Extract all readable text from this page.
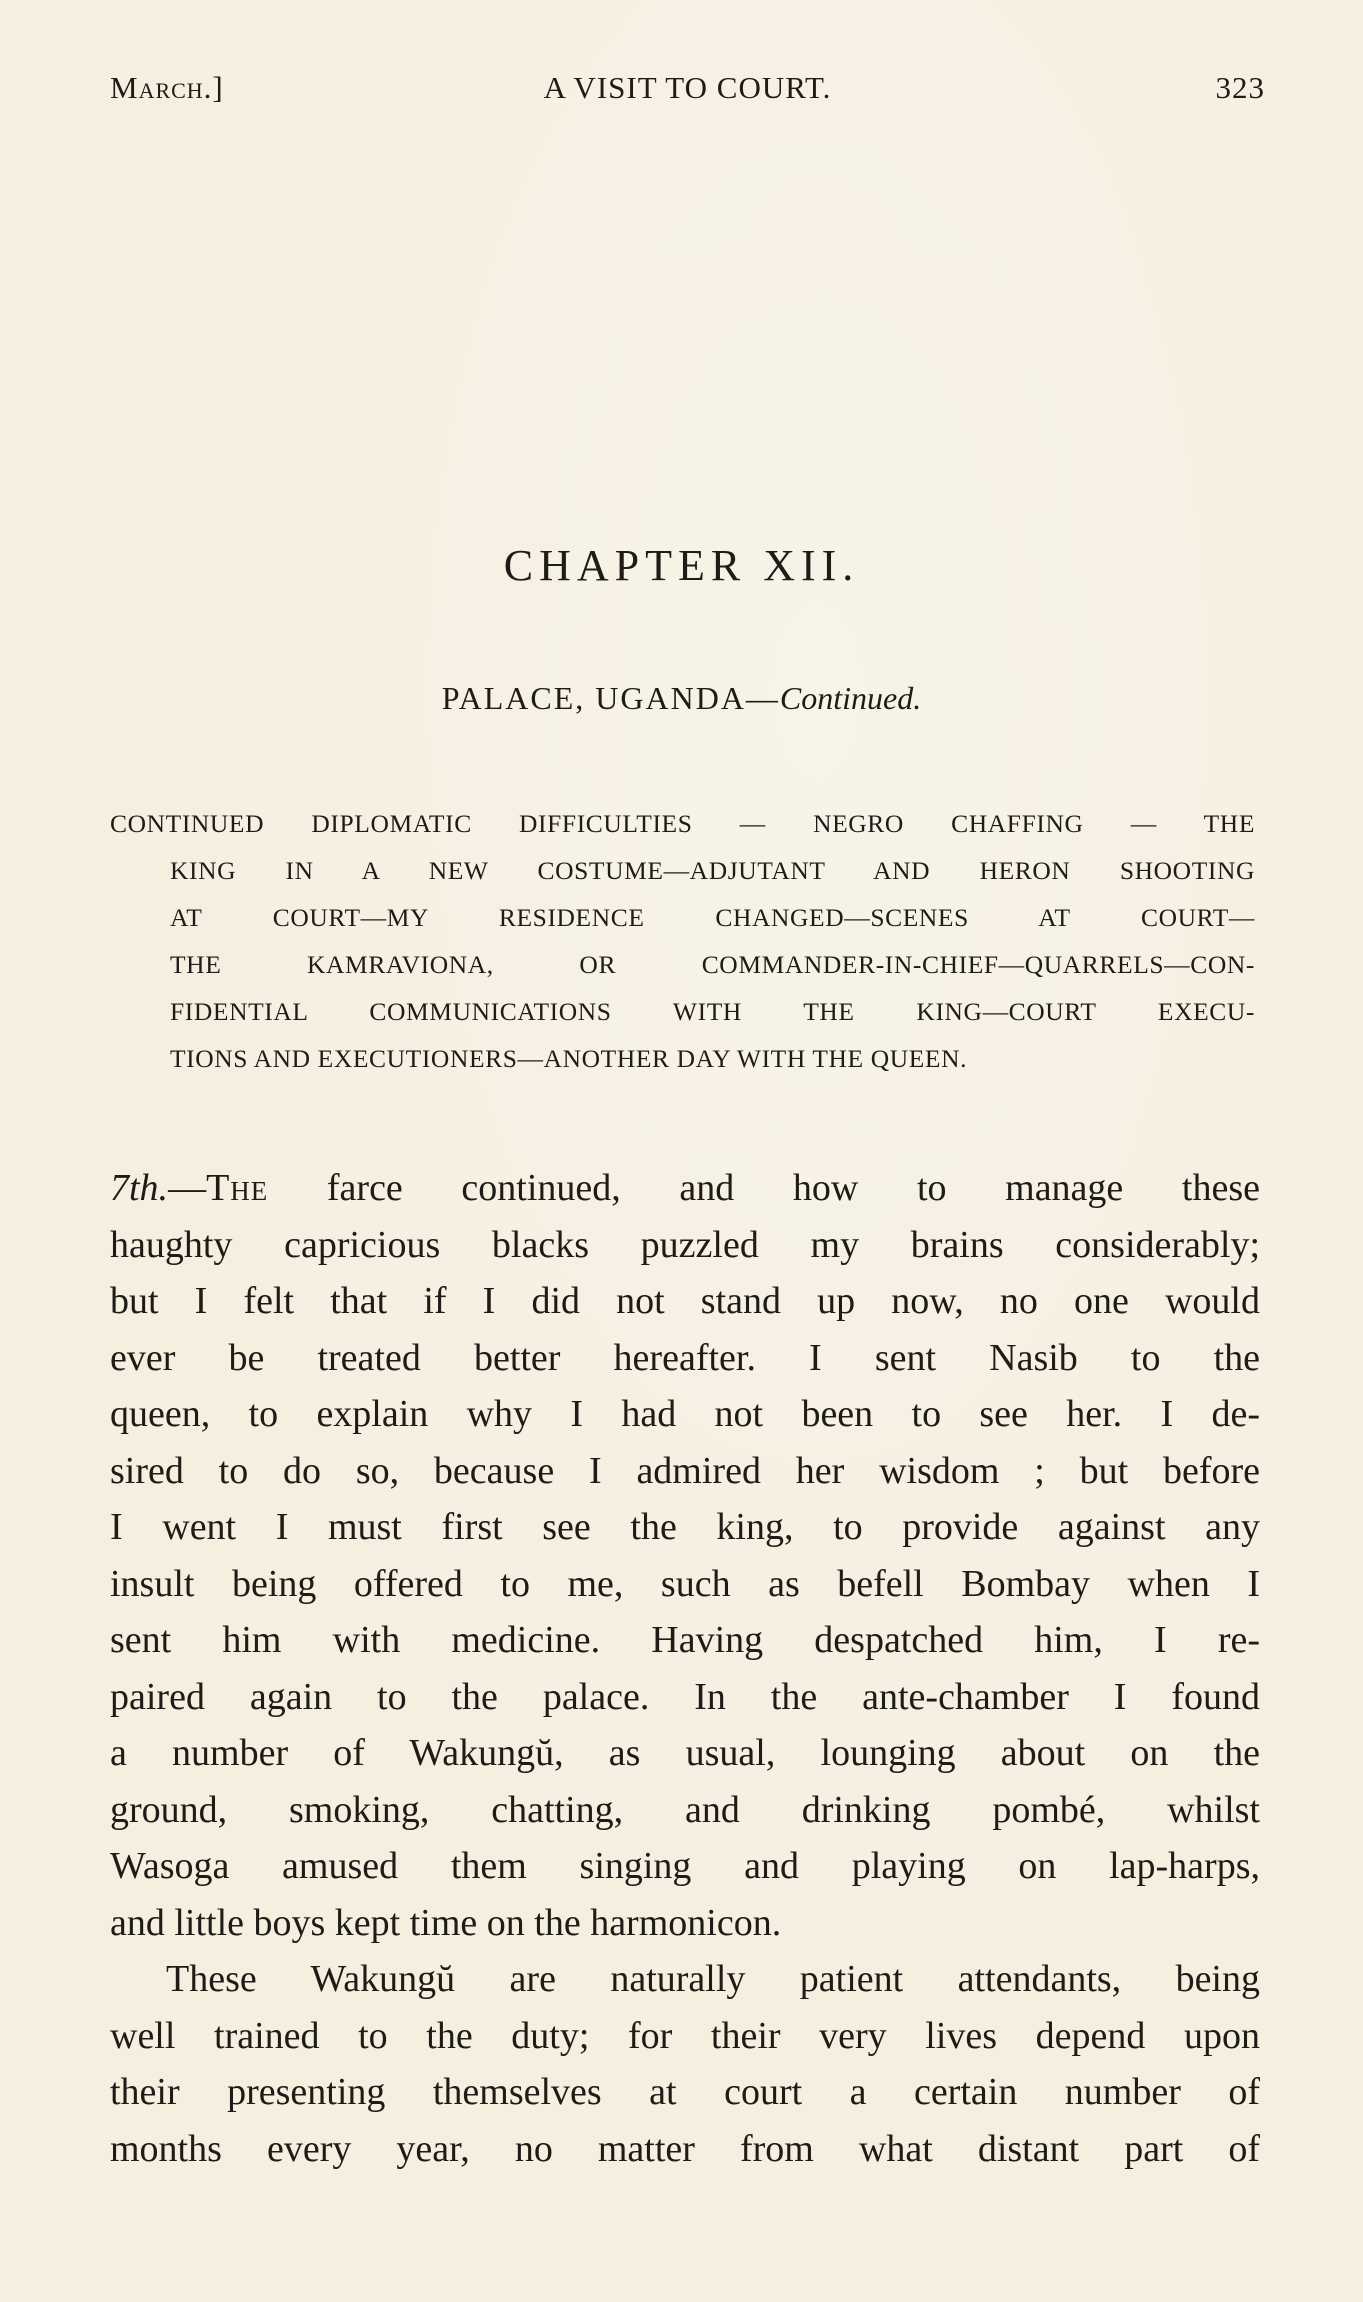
March.]	A VISIT TO COURT.	323
CHAPTER XII.
PALACE, UGANDA—Continued.
CONTINUED DIPLOMATIC DIFFICULTIES — NEGRO CHAFFING — THE
KING IN A NEW COSTUME—ADJUTANT AND HERON SHOOTING
AT COURT—MY RESIDENCE CHANGED—SCENES AT COURT—
THE KAMRAVIONA, OR COMMANDER-IN-CHIEF—QUARRELS—CON-
FIDENTIAL COMMUNICATIONS WITH THE KING—COURT EXECU-
TIONS AND EXECUTIONERS—ANOTHER DAY WITH THE QUEEN.
7th.—The farce continued, and how to manage these
haughty capricious blacks puzzled my brains considerably;
but I felt that if I did not stand up now, no one would
ever be treated better hereafter. I sent Nasib to the
queen, to explain why I had not been to see her. I de-
sired to do so, because I admired her wisdom ; but before
I went I must first see the king, to provide against any
insult being offered to me, such as befell Bombay when I
sent him with medicine. Having despatched him, I re-
paired again to the palace. In the ante-chamber I found
a number of Wakungŭ, as usual, lounging about on the
ground, smoking, chatting, and drinking pombé, whilst
Wasoga amused them singing and playing on lap-harps,
and little boys kept time on the harmonicon.
These Wakungŭ are naturally patient attendants, being
well trained to the duty; for their very lives depend upon
their presenting themselves at court a certain number of
months every year, no matter from what distant part of
